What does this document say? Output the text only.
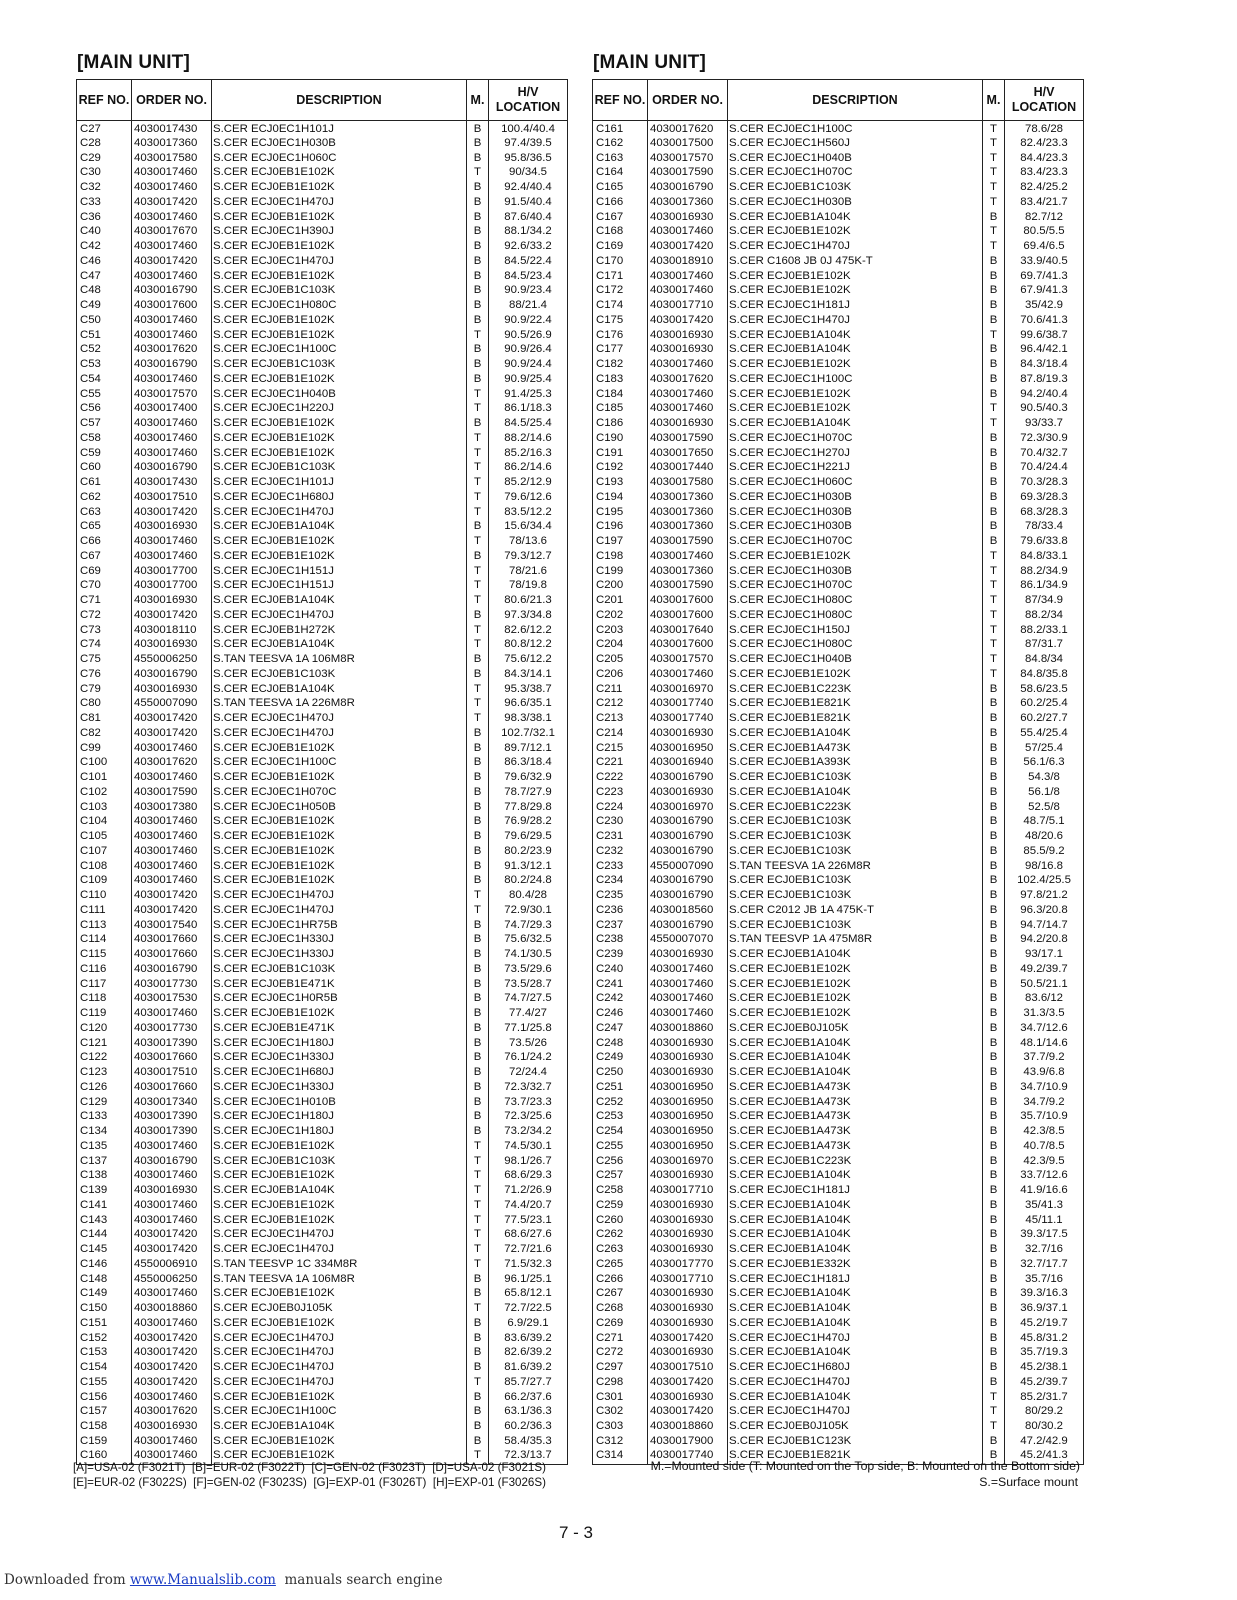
[MAIN UNIT]	[MAIN UNIT]
REF NO.	ORDER NO.	DESCRIPTION	M.	H/V LOCATION
C27	4030017430	S.CER ECJ0EC1H101J	B	100.4/40.4
C28	4030017360	S.CER ECJ0EC1H030B	B	97.4/39.5
C29	4030017580	S.CER ECJ0EC1H060C	B	95.8/36.5
C30	4030017460	S.CER ECJ0EB1E102K	T	90/34.5
C32	4030017460	S.CER ECJ0EB1E102K	B	92.4/40.4
C33	4030017420	S.CER ECJ0EC1H470J	B	91.5/40.4
C36	4030017460	S.CER ECJ0EB1E102K	B	87.6/40.4
C40	4030017670	S.CER ECJ0EC1H390J	B	88.1/34.2
C42	4030017460	S.CER ECJ0EB1E102K	B	92.6/33.2
C46	4030017420	S.CER ECJ0EC1H470J	B	84.5/22.4
C47	4030017460	S.CER ECJ0EB1E102K	B	84.5/23.4
C48	4030016790	S.CER ECJ0EB1C103K	B	90.9/23.4
C49	4030017600	S.CER ECJ0EC1H080C	B	88/21.4
C50	4030017460	S.CER ECJ0EB1E102K	B	90.9/22.4
C51	4030017460	S.CER ECJ0EB1E102K	T	90.5/26.9
C52	4030017620	S.CER ECJ0EC1H100C	B	90.9/26.4
C53	4030016790	S.CER ECJ0EB1C103K	B	90.9/24.4
C54	4030017460	S.CER ECJ0EB1E102K	B	90.9/25.4
C55	4030017570	S.CER ECJ0EC1H040B	T	91.4/25.3
C56	4030017400	S.CER ECJ0EC1H220J	T	86.1/18.3
C57	4030017460	S.CER ECJ0EB1E102K	B	84.5/25.4
C58	4030017460	S.CER ECJ0EB1E102K	T	88.2/14.6
C59	4030017460	S.CER ECJ0EB1E102K	T	85.2/16.3
C60	4030016790	S.CER ECJ0EB1C103K	T	86.2/14.6
C61	4030017430	S.CER ECJ0EC1H101J	T	85.2/12.9
C62	4030017510	S.CER ECJ0EC1H680J	T	79.6/12.6
C63	4030017420	S.CER ECJ0EC1H470J	T	83.5/12.2
C65	4030016930	S.CER ECJ0EB1A104K	B	15.6/34.4
C66	4030017460	S.CER ECJ0EB1E102K	T	78/13.6
C67	4030017460	S.CER ECJ0EB1E102K	B	79.3/12.7
C69	4030017700	S.CER ECJ0EC1H151J	T	78/21.6
C70	4030017700	S.CER ECJ0EC1H151J	T	78/19.8
C71	4030016930	S.CER ECJ0EB1A104K	T	80.6/21.3
C72	4030017420	S.CER ECJ0EC1H470J	B	97.3/34.8
C73	4030018110	S.CER ECJ0EB1H272K	T	82.6/12.2
C74	4030016930	S.CER ECJ0EB1A104K	T	80.8/12.2
C75	4550006250	S.TAN TEESVA 1A 106M8R	B	75.6/12.2
C76	4030016790	S.CER ECJ0EB1C103K	B	84.3/14.1
C79	4030016930	S.CER ECJ0EB1A104K	T	95.3/38.7
C80	4550007090	S.TAN TEESVA 1A 226M8R	T	96.6/35.1
C81	4030017420	S.CER ECJ0EC1H470J	T	98.3/38.1
C82	4030017420	S.CER ECJ0EC1H470J	B	102.7/32.1
C99	4030017460	S.CER ECJ0EB1E102K	B	89.7/12.1
C100	4030017620	S.CER ECJ0EC1H100C	B	86.3/18.4
C101	4030017460	S.CER ECJ0EB1E102K	B	79.6/32.9
C102	4030017590	S.CER ECJ0EC1H070C	B	78.7/27.9
C103	4030017380	S.CER ECJ0EC1H050B	B	77.8/29.8
C104	4030017460	S.CER ECJ0EB1E102K	B	76.9/28.2
C105	4030017460	S.CER ECJ0EB1E102K	B	79.6/29.5
C107	4030017460	S.CER ECJ0EB1E102K	B	80.2/23.9
C108	4030017460	S.CER ECJ0EB1E102K	B	91.3/12.1
C109	4030017460	S.CER ECJ0EB1E102K	B	80.2/24.8
C110	4030017420	S.CER ECJ0EC1H470J	T	80.4/28
C111	4030017420	S.CER ECJ0EC1H470J	T	72.9/30.1
C113	4030017540	S.CER ECJ0EC1HR75B	B	74.7/29.3
C114	4030017660	S.CER ECJ0EC1H330J	B	75.6/32.5
C115	4030017660	S.CER ECJ0EC1H330J	B	74.1/30.5
C116	4030016790	S.CER ECJ0EB1C103K	B	73.5/29.6
C117	4030017730	S.CER ECJ0EB1E471K	B	73.5/28.7
C118	4030017530	S.CER ECJ0EC1H0R5B	B	74.7/27.5
C119	4030017460	S.CER ECJ0EB1E102K	B	77.4/27
C120	4030017730	S.CER ECJ0EB1E471K	B	77.1/25.8
C121	4030017390	S.CER ECJ0EC1H180J	B	73.5/26
C122	4030017660	S.CER ECJ0EC1H330J	B	76.1/24.2
C123	4030017510	S.CER ECJ0EC1H680J	B	72/24.4
C126	4030017660	S.CER ECJ0EC1H330J	B	72.3/32.7
C129	4030017340	S.CER ECJ0EC1H010B	B	73.7/23.3
C133	4030017390	S.CER ECJ0EC1H180J	B	72.3/25.6
C134	4030017390	S.CER ECJ0EC1H180J	B	73.2/34.2
C135	4030017460	S.CER ECJ0EB1E102K	T	74.5/30.1
C137	4030016790	S.CER ECJ0EB1C103K	T	98.1/26.7
C138	4030017460	S.CER ECJ0EB1E102K	T	68.6/29.3
C139	4030016930	S.CER ECJ0EB1A104K	T	71.2/26.9
C141	4030017460	S.CER ECJ0EB1E102K	T	74.4/20.7
C143	4030017460	S.CER ECJ0EB1E102K	T	77.5/23.1
C144	4030017420	S.CER ECJ0EC1H470J	T	68.6/27.6
C145	4030017420	S.CER ECJ0EC1H470J	T	72.7/21.6
C146	4550006910	S.TAN TEESVP 1C 334M8R	T	71.5/32.3
C148	4550006250	S.TAN TEESVA 1A 106M8R	B	96.1/25.1
C149	4030017460	S.CER ECJ0EB1E102K	B	65.8/12.1
C150	4030018860	S.CER ECJ0EB0J105K	T	72.7/22.5
C151	4030017460	S.CER ECJ0EB1E102K	B	6.9/29.1
C152	4030017420	S.CER ECJ0EC1H470J	B	83.6/39.2
C153	4030017420	S.CER ECJ0EC1H470J	B	82.6/39.2
C154	4030017420	S.CER ECJ0EC1H470J	B	81.6/39.2
C155	4030017420	S.CER ECJ0EC1H470J	T	85.7/27.7
C156	4030017460	S.CER ECJ0EB1E102K	B	66.2/37.6
C157	4030017620	S.CER ECJ0EC1H100C	B	63.1/36.3
C158	4030016930	S.CER ECJ0EB1A104K	B	60.2/36.3
C159	4030017460	S.CER ECJ0EB1E102K	B	58.4/35.3
C160	4030017460	S.CER ECJ0EB1E102K	T	72.3/13.7
REF NO.	ORDER NO.	DESCRIPTION	M.	H/V LOCATION
C161	4030017620	S.CER ECJ0EC1H100C	T	78.6/28
C162	4030017500	S.CER ECJ0EC1H560J	T	82.4/23.3
C163	4030017570	S.CER ECJ0EC1H040B	T	84.4/23.3
C164	4030017590	S.CER ECJ0EC1H070C	T	83.4/23.3
C165	4030016790	S.CER ECJ0EB1C103K	T	82.4/25.2
C166	4030017360	S.CER ECJ0EC1H030B	T	83.4/21.7
C167	4030016930	S.CER ECJ0EB1A104K	B	82.7/12
C168	4030017460	S.CER ECJ0EB1E102K	T	80.5/5.5
C169	4030017420	S.CER ECJ0EC1H470J	T	69.4/6.5
C170	4030018910	S.CER C1608 JB 0J 475K-T	B	33.9/40.5
C171	4030017460	S.CER ECJ0EB1E102K	B	69.7/41.3
C172	4030017460	S.CER ECJ0EB1E102K	B	67.9/41.3
C174	4030017710	S.CER ECJ0EC1H181J	B	35/42.9
C175	4030017420	S.CER ECJ0EC1H470J	B	70.6/41.3
C176	4030016930	S.CER ECJ0EB1A104K	T	99.6/38.7
C177	4030016930	S.CER ECJ0EB1A104K	B	96.4/42.1
C182	4030017460	S.CER ECJ0EB1E102K	B	84.3/18.4
C183	4030017620	S.CER ECJ0EC1H100C	B	87.8/19.3
C184	4030017460	S.CER ECJ0EB1E102K	B	94.2/40.4
C185	4030017460	S.CER ECJ0EB1E102K	T	90.5/40.3
C186	4030016930	S.CER ECJ0EB1A104K	T	93/33.7
C190	4030017590	S.CER ECJ0EC1H070C	B	72.3/30.9
C191	4030017650	S.CER ECJ0EC1H270J	B	70.4/32.7
C192	4030017440	S.CER ECJ0EC1H221J	B	70.4/24.4
C193	4030017580	S.CER ECJ0EC1H060C	B	70.3/28.3
C194	4030017360	S.CER ECJ0EC1H030B	B	69.3/28.3
C195	4030017360	S.CER ECJ0EC1H030B	B	68.3/28.3
C196	4030017360	S.CER ECJ0EC1H030B	B	78/33.4
C197	4030017590	S.CER ECJ0EC1H070C	B	79.6/33.8
C198	4030017460	S.CER ECJ0EB1E102K	T	84.8/33.1
C199	4030017360	S.CER ECJ0EC1H030B	T	88.2/34.9
C200	4030017590	S.CER ECJ0EC1H070C	T	86.1/34.9
C201	4030017600	S.CER ECJ0EC1H080C	T	87/34.9
C202	4030017600	S.CER ECJ0EC1H080C	T	88.2/34
C203	4030017640	S.CER ECJ0EC1H150J	T	88.2/33.1
C204	4030017600	S.CER ECJ0EC1H080C	T	87/31.7
C205	4030017570	S.CER ECJ0EC1H040B	T	84.8/34
C206	4030017460	S.CER ECJ0EB1E102K	T	84.8/35.8
C211	4030016970	S.CER ECJ0EB1C223K	B	58.6/23.5
C212	4030017740	S.CER ECJ0EB1E821K	B	60.2/25.4
C213	4030017740	S.CER ECJ0EB1E821K	B	60.2/27.7
C214	4030016930	S.CER ECJ0EB1A104K	B	55.4/25.4
C215	4030016950	S.CER ECJ0EB1A473K	B	57/25.4
C221	4030016940	S.CER ECJ0EB1A393K	B	56.1/6.3
C222	4030016790	S.CER ECJ0EB1C103K	B	54.3/8
C223	4030016930	S.CER ECJ0EB1A104K	B	56.1/8
C224	4030016970	S.CER ECJ0EB1C223K	B	52.5/8
C230	4030016790	S.CER ECJ0EB1C103K	B	48.7/5.1
C231	4030016790	S.CER ECJ0EB1C103K	B	48/20.6
C232	4030016790	S.CER ECJ0EB1C103K	B	85.5/9.2
C233	4550007090	S.TAN TEESVA 1A 226M8R	B	98/16.8
C234	4030016790	S.CER ECJ0EB1C103K	B	102.4/25.5
C235	4030016790	S.CER ECJ0EB1C103K	B	97.8/21.2
C236	4030018560	S.CER C2012 JB 1A 475K-T	B	96.3/20.8
C237	4030016790	S.CER ECJ0EB1C103K	B	94.7/14.7
C238	4550007070	S.TAN TEESVP 1A 475M8R	B	94.2/20.8
C239	4030016930	S.CER ECJ0EB1A104K	B	93/17.1
C240	4030017460	S.CER ECJ0EB1E102K	B	49.2/39.7
C241	4030017460	S.CER ECJ0EB1E102K	B	50.5/21.1
C242	4030017460	S.CER ECJ0EB1E102K	B	83.6/12
C246	4030017460	S.CER ECJ0EB1E102K	B	31.3/3.5
C247	4030018860	S.CER ECJ0EB0J105K	B	34.7/12.6
C248	4030016930	S.CER ECJ0EB1A104K	B	48.1/14.6
C249	4030016930	S.CER ECJ0EB1A104K	B	37.7/9.2
C250	4030016930	S.CER ECJ0EB1A104K	B	43.9/6.8
C251	4030016950	S.CER ECJ0EB1A473K	B	34.7/10.9
C252	4030016950	S.CER ECJ0EB1A473K	B	34.7/9.2
C253	4030016950	S.CER ECJ0EB1A473K	B	35.7/10.9
C254	4030016950	S.CER ECJ0EB1A473K	B	42.3/8.5
C255	4030016950	S.CER ECJ0EB1A473K	B	40.7/8.5
C256	4030016970	S.CER ECJ0EB1C223K	B	42.3/9.5
C257	4030016930	S.CER ECJ0EB1A104K	B	33.7/12.6
C258	4030017710	S.CER ECJ0EC1H181J	B	41.9/16.6
C259	4030016930	S.CER ECJ0EB1A104K	B	35/41.3
C260	4030016930	S.CER ECJ0EB1A104K	B	45/11.1
C262	4030016930	S.CER ECJ0EB1A104K	B	39.3/17.5
C263	4030016930	S.CER ECJ0EB1A104K	B	32.7/16
C265	4030017770	S.CER ECJ0EB1E332K	B	32.7/17.7
C266	4030017710	S.CER ECJ0EC1H181J	B	35.7/16
C267	4030016930	S.CER ECJ0EB1A104K	B	39.3/16.3
C268	4030016930	S.CER ECJ0EB1A104K	B	36.9/37.1
C269	4030016930	S.CER ECJ0EB1A104K	B	45.2/19.7
C271	4030017420	S.CER ECJ0EC1H470J	B	45.8/31.2
C272	4030016930	S.CER ECJ0EB1A104K	B	35.7/19.3
C297	4030017510	S.CER ECJ0EC1H680J	B	45.2/38.1
C298	4030017420	S.CER ECJ0EC1H470J	B	45.2/39.7
C301	4030016930	S.CER ECJ0EB1A104K	T	85.2/31.7
C302	4030017420	S.CER ECJ0EC1H470J	T	80/29.2
C303	4030018860	S.CER ECJ0EB0J105K	T	80/30.2
C312	4030017900	S.CER ECJ0EB1C123K	B	47.2/42.9
C314	4030017740	S.CER ECJ0EB1E821K	B	45.2/41.3
[A]=USA-02 (F3021T)  [B]=EUR-02 (F3022T)  [C]=GEN-02 (F3023T)  [D]=USA-02 (F3021S)
[E]=EUR-02 (F3022S)  [F]=GEN-02 (F3023S)  [G]=EXP-01 (F3026T)  [H]=EXP-01 (F3026S)
M.=Mounted side (T: Mounted on the Top side, B: Mounted on the Bottom side)
S.=Surface mount
7 - 3
Downloaded from www.Manualslib.com  manuals search engine
